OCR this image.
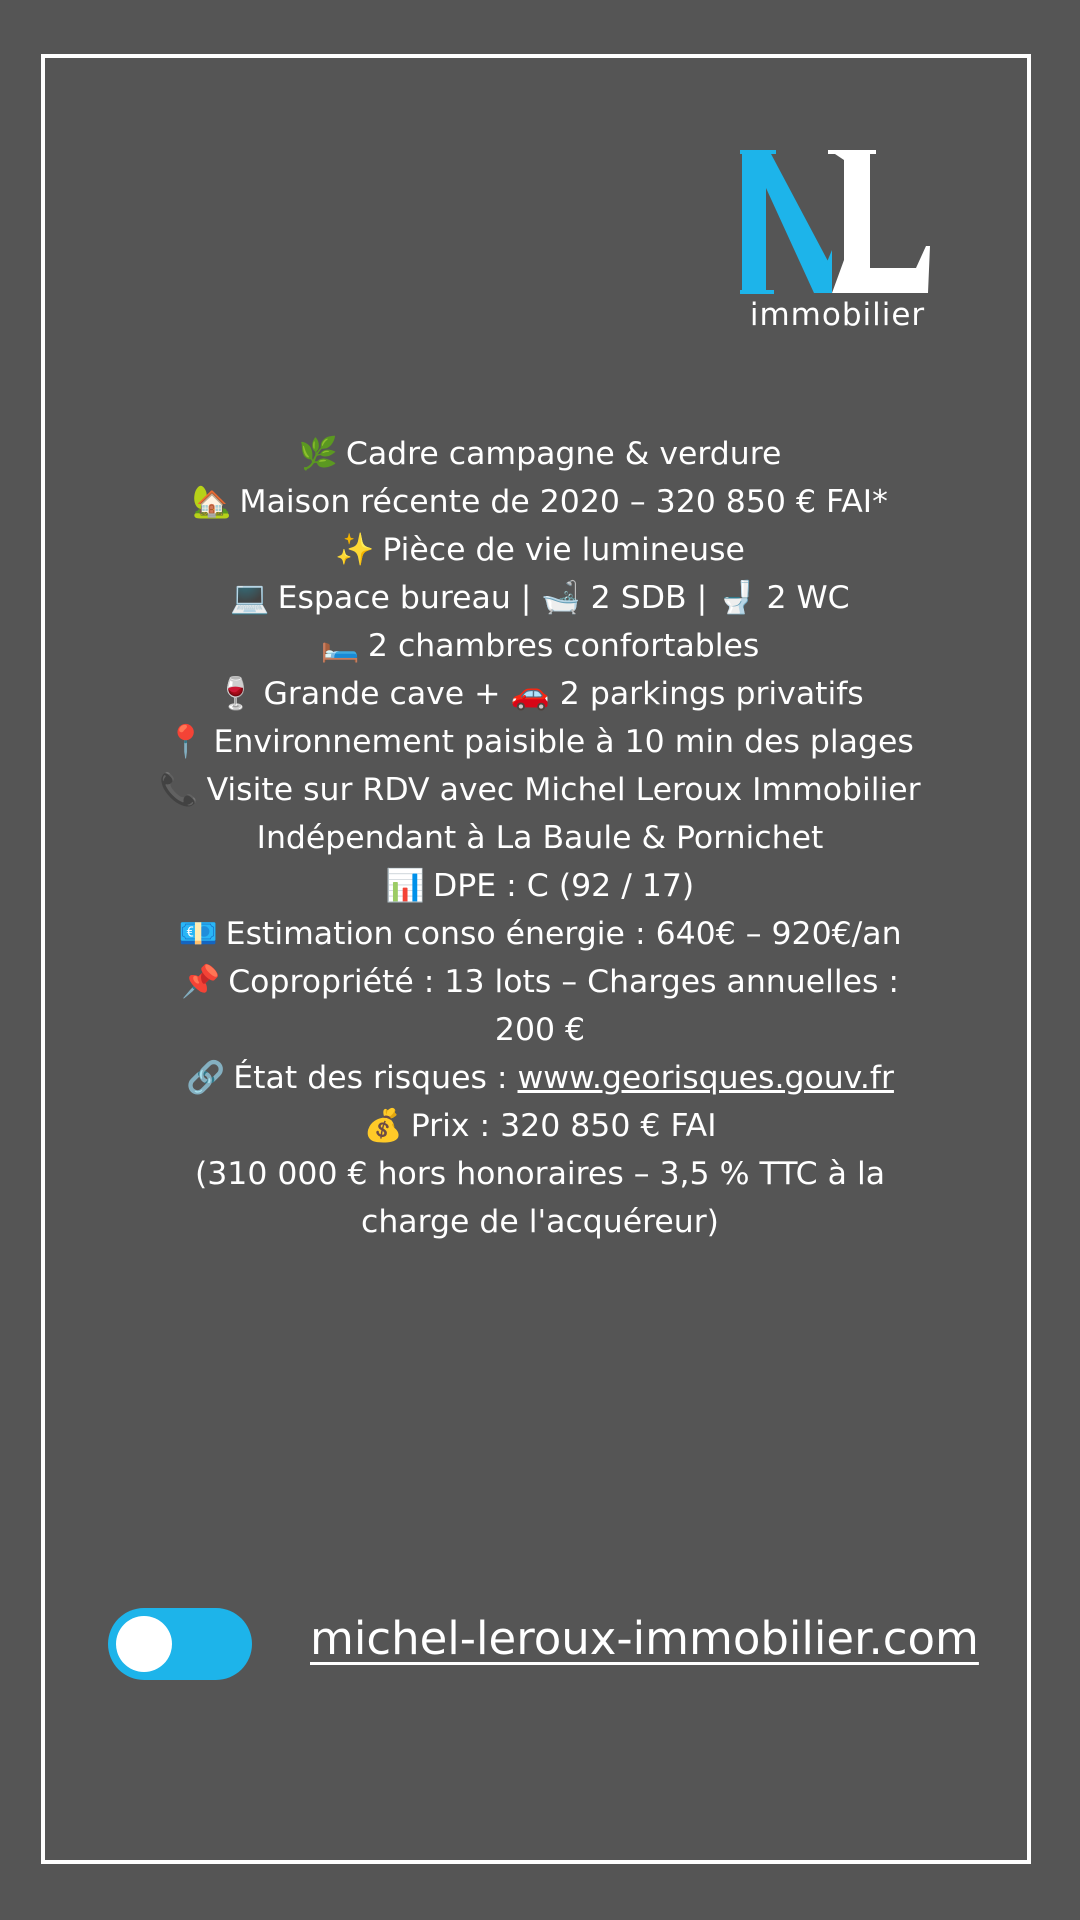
immobilier
🌿 Cadre campagne & verdure
🏡 Maison récente de 2020 – 320 850 € FAI*
✨ Pièce de vie lumineuse
💻 Espace bureau | 🛁 2 SDB | 🚽 2 WC
🛏️ 2 chambres confortables
🍷 Grande cave + 🚗 2 parkings privatifs
📍 Environnement paisible à 10 min des plages
📞 Visite sur RDV avec Michel Leroux Immobilier
Indépendant à La Baule & Pornichet
📊 DPE : C (92 / 17)
💶 Estimation conso énergie : 640€ – 920€/an
📌 Copropriété : 13 lots – Charges annuelles : 200 €
🔗 État des risques : www.georisques.gouv.fr
💰 Prix : 320 850 € FAI
(310 000 € hors honoraires – 3,5 % TTC à la charge de l'acquéreur)
michel-leroux-immobilier.com
